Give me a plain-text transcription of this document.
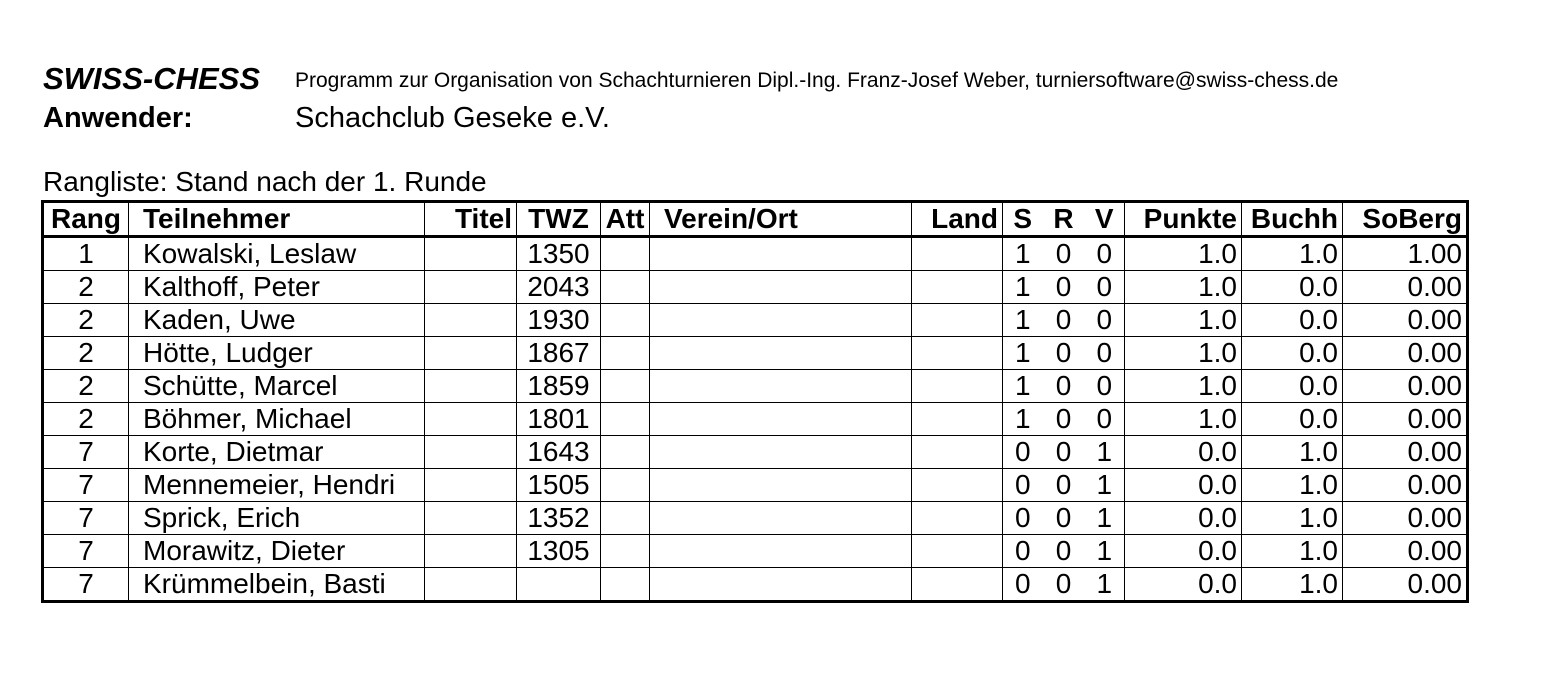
SWISS-CHESS Programm zur Organisation von Schachturnieren Dipl.-Ing. Franz-Josef Weber, turniersoftware@swiss-chess.de
Anwender:	Schachclub Geseke e.V.
Rangliste: Stand nach der 1. Runde
Rang	Teilnehmer	Titel	TWZ	Att	Verein/Ort	Land	S	R	V	Punkte	Buchh	SoBerg
1	Kowalski, Leslaw		1350				1	0	0	1.0	1.0	1.00
2	Kalthoff, Peter		2043				1	0	0	1.0	0.0	0.00
2	Kaden, Uwe		1930				1	0	0	1.0	0.0	0.00
2	Hötte, Ludger		1867				1	0	0	1.0	0.0	0.00
2	Schütte, Marcel		1859				1	0	0	1.0	0.0	0.00
2	Böhmer, Michael		1801				1	0	0	1.0	0.0	0.00
7	Korte, Dietmar		1643				0	0	1	0.0	1.0	0.00
7	Mennemeier, Hendri		1505				0	0	1	0.0	1.0	0.00
7	Sprick, Erich		1352				0	0	1	0.0	1.0	0.00
7	Morawitz, Dieter		1305				0	0	1	0.0	1.0	0.00
7	Krümmelbein, Basti						0	0	1	0.0	1.0	0.00
